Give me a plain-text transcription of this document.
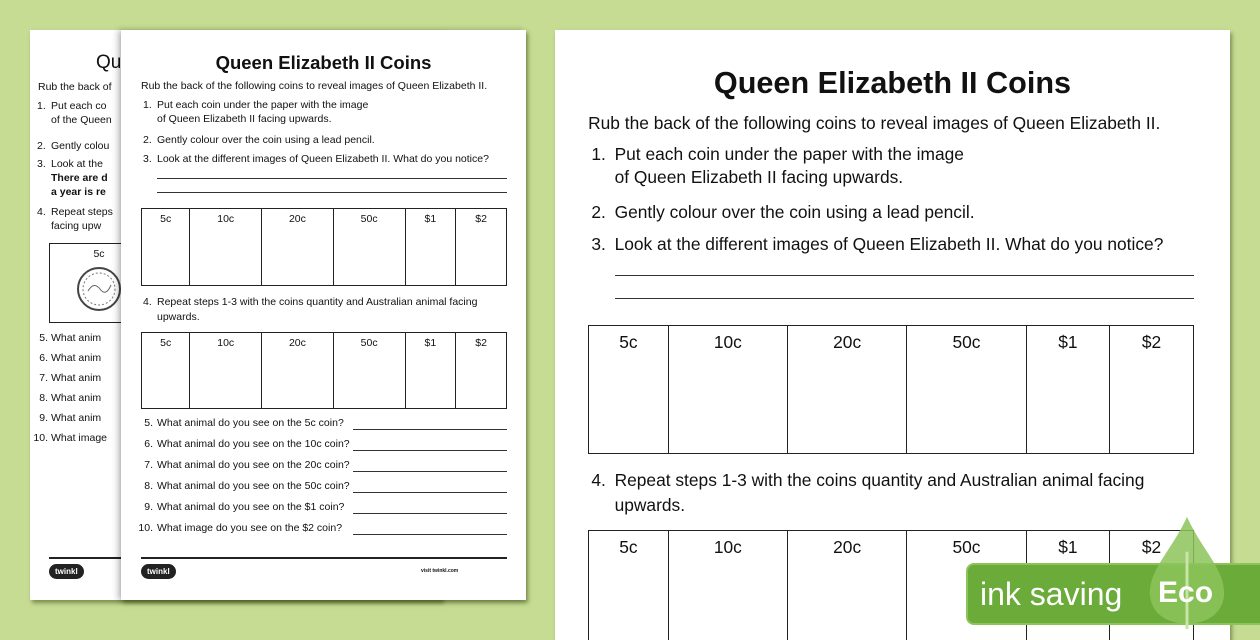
Qu
Rub the back of
1. Put each co
of the Queen
2. Gently colou
3. Look at the
There are d
a year is re
4. Repeat steps
facing upw
5c
5. What anim
6. What anim
7. What anim
8. What anim
9. What anim
10. What image
twinkl
Queen Elizabeth II Coins
Rub the back of the following coins to reveal images of Queen Elizabeth II.
1. Put each coin under the paper with the image
of Queen Elizabeth II facing upwards.
2. Gently colour over the coin using a lead pencil.
3. Look at the different images of Queen Elizabeth II. What do you notice?
5c	10c	20c	50c	$1	$2
4. Repeat steps 1-3 with the coins quantity and Australian animal facing
upwards.
5c	10c	20c	50c	$1	$2
5. What animal do you see on the 5c coin?
6. What animal do you see on the 10c coin?
7. What animal do you see on the 20c coin?
8. What animal do you see on the 50c coin?
9. What animal do you see on the $1 coin?
10. What image do you see on the $2 coin?
twinkl	visit twinkl.com
Queen Elizabeth II Coins
Rub the back of the following coins to reveal images of Queen Elizabeth II.
1. Put each coin under the paper with the image
of Queen Elizabeth II facing upwards.
2. Gently colour over the coin using a lead pencil.
3. Look at the different images of Queen Elizabeth II. What do you notice?
5c	10c	20c	50c	$1	$2
4. Repeat steps 1-3 with the coins quantity and Australian animal facing
upwards.
5c	10c	20c	50c	$1	$2
ink saving	Eco
